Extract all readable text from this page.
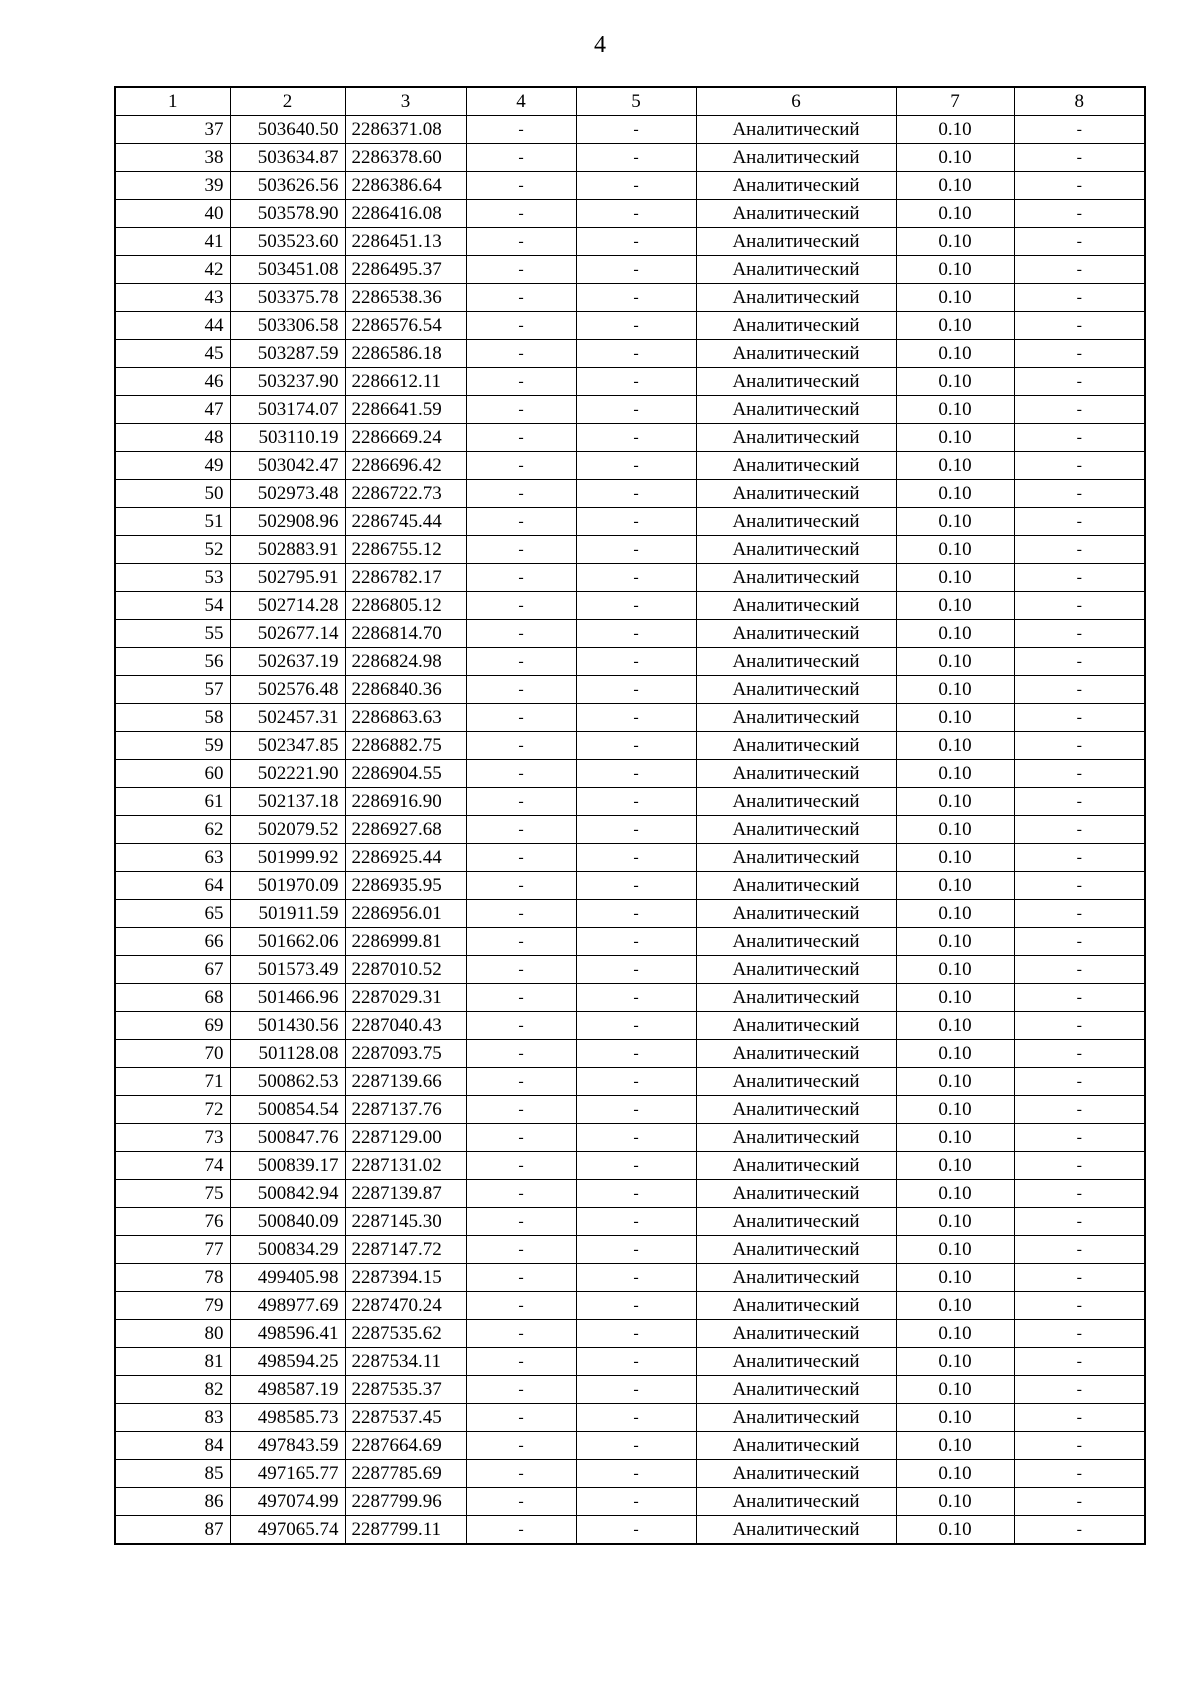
4
1	2	3	4	5	6	7	8
37	503640.50	2286371.08	-	-	Аналитический	0.10	-
38	503634.87	2286378.60	-	-	Аналитический	0.10	-
39	503626.56	2286386.64	-	-	Аналитический	0.10	-
40	503578.90	2286416.08	-	-	Аналитический	0.10	-
41	503523.60	2286451.13	-	-	Аналитический	0.10	-
42	503451.08	2286495.37	-	-	Аналитический	0.10	-
43	503375.78	2286538.36	-	-	Аналитический	0.10	-
44	503306.58	2286576.54	-	-	Аналитический	0.10	-
45	503287.59	2286586.18	-	-	Аналитический	0.10	-
46	503237.90	2286612.11	-	-	Аналитический	0.10	-
47	503174.07	2286641.59	-	-	Аналитический	0.10	-
48	503110.19	2286669.24	-	-	Аналитический	0.10	-
49	503042.47	2286696.42	-	-	Аналитический	0.10	-
50	502973.48	2286722.73	-	-	Аналитический	0.10	-
51	502908.96	2286745.44	-	-	Аналитический	0.10	-
52	502883.91	2286755.12	-	-	Аналитический	0.10	-
53	502795.91	2286782.17	-	-	Аналитический	0.10	-
54	502714.28	2286805.12	-	-	Аналитический	0.10	-
55	502677.14	2286814.70	-	-	Аналитический	0.10	-
56	502637.19	2286824.98	-	-	Аналитический	0.10	-
57	502576.48	2286840.36	-	-	Аналитический	0.10	-
58	502457.31	2286863.63	-	-	Аналитический	0.10	-
59	502347.85	2286882.75	-	-	Аналитический	0.10	-
60	502221.90	2286904.55	-	-	Аналитический	0.10	-
61	502137.18	2286916.90	-	-	Аналитический	0.10	-
62	502079.52	2286927.68	-	-	Аналитический	0.10	-
63	501999.92	2286925.44	-	-	Аналитический	0.10	-
64	501970.09	2286935.95	-	-	Аналитический	0.10	-
65	501911.59	2286956.01	-	-	Аналитический	0.10	-
66	501662.06	2286999.81	-	-	Аналитический	0.10	-
67	501573.49	2287010.52	-	-	Аналитический	0.10	-
68	501466.96	2287029.31	-	-	Аналитический	0.10	-
69	501430.56	2287040.43	-	-	Аналитический	0.10	-
70	501128.08	2287093.75	-	-	Аналитический	0.10	-
71	500862.53	2287139.66	-	-	Аналитический	0.10	-
72	500854.54	2287137.76	-	-	Аналитический	0.10	-
73	500847.76	2287129.00	-	-	Аналитический	0.10	-
74	500839.17	2287131.02	-	-	Аналитический	0.10	-
75	500842.94	2287139.87	-	-	Аналитический	0.10	-
76	500840.09	2287145.30	-	-	Аналитический	0.10	-
77	500834.29	2287147.72	-	-	Аналитический	0.10	-
78	499405.98	2287394.15	-	-	Аналитический	0.10	-
79	498977.69	2287470.24	-	-	Аналитический	0.10	-
80	498596.41	2287535.62	-	-	Аналитический	0.10	-
81	498594.25	2287534.11	-	-	Аналитический	0.10	-
82	498587.19	2287535.37	-	-	Аналитический	0.10	-
83	498585.73	2287537.45	-	-	Аналитический	0.10	-
84	497843.59	2287664.69	-	-	Аналитический	0.10	-
85	497165.77	2287785.69	-	-	Аналитический	0.10	-
86	497074.99	2287799.96	-	-	Аналитический	0.10	-
87	497065.74	2287799.11	-	-	Аналитический	0.10	-
